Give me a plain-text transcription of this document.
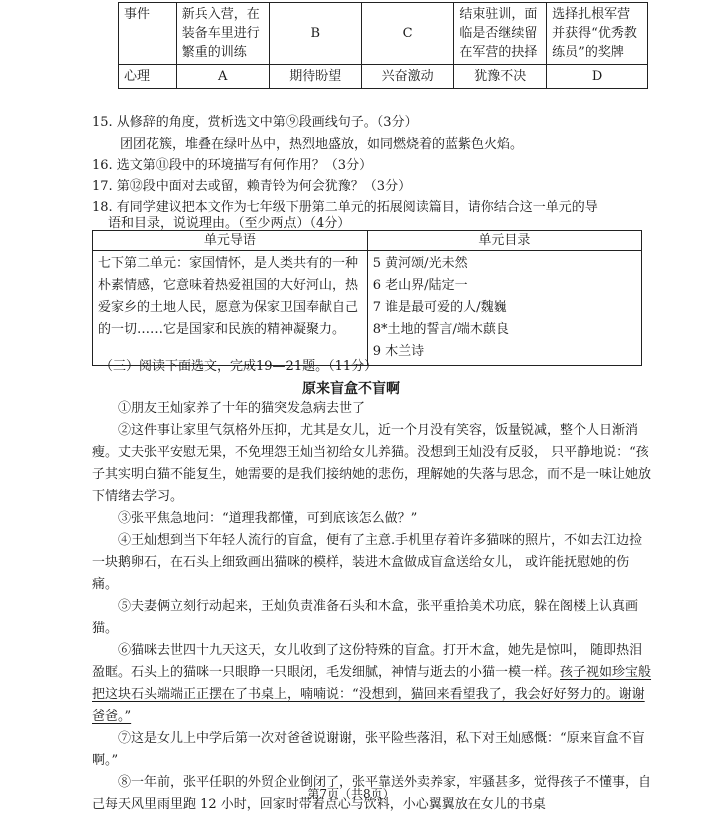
事件	新兵入营，在装备车里进行繁重的训练	B	C	结束驻训，面临是否继续留在军营的抉择	选择扎根军营并获得“优秀教练员”的奖牌
心理	A	期待盼望	兴奋激动	犹豫不决	D
15. 从修辞的角度，赏析选文中第⑨段画线句子。（3分）
团团花簇，堆叠在绿叶丛中，热烈地盛放，如同燃烧着的蓝紫色火焰。
16. 选文第⑪段中的环境描写有何作用？（3分）
17. 第⑫段中面对去或留，赖青铃为何会犹豫？（3分）
18. 有同学建议把本文作为七年级下册第二单元的拓展阅读篇目，请你结合这一单元的导
语和目录，说说理由。（至少两点）（4分）
单元导语	单元目录
七下第二单元：家国情怀，是人类共有的一种朴素情感，它意味着热爱祖国的大好河山，热爱家乡的土地人民，愿意为保家卫国奉献自己的一切……它是国家和民族的精神凝聚力。	5 黄河颂/光未然
6 老山界/陆定一
7 谁是最可爱的人/魏巍
8*土地的誓言/端木蕻良
9 木兰诗
（三）阅读下面选文，完成19—21题。（11分）
原来盲盒不盲啊
①朋友王灿家养了十年的猫突发急病去世了
②这件事让家里气氛格外压抑，尤其是女儿，近一个月没有笑容，饭量锐减，整个人日渐消瘦。丈夫张平安慰无果，不免埋怨王灿当初给女儿养猫。没想到王灿没有反驳， 只平静地说：“孩子其实明白猫不能复生，她需要的是我们接纳她的悲伤，理解她的失落与思念，而不是一味让她放下情绪去学习。
③张平焦急地问：“道理我都懂，可到底该怎么做？”
④王灿想到当下年轻人流行的盲盒，便有了主意.手机里存着许多猫咪的照片，不如去江边捡一块鹅卵石，在石头上细致画出猫咪的模样，装进木盒做成盲盒送给女儿， 或许能抚慰她的伤痛。
⑤夫妻俩立刻行动起来，王灿负责准备石头和木盒，张平重拾美术功底，躲在阁楼上认真画猫。
⑥猫咪去世四十九天这天，女儿收到了这份特殊的盲盒。打开木盒，她先是惊叫， 随即热泪盈眶。石头上的猫咪一只眼睁一只眼闭，毛发细腻，神情与逝去的小猫一模一样。孩子视如珍宝般把这块石头端端正正摆在了书桌上，喃喃说：“没想到，猫回来看望我了，我会好好努力的。谢谢爸爸。”
⑦这是女儿上中学后第一次对爸爸说谢谢，张平险些落泪，私下对王灿感慨：“原来盲盒不盲啊。”
⑧一年前，张平任职的外贸企业倒闭了，张平靠送外卖养家，牢骚甚多，觉得孩子不懂事，自己每天风里雨里跑 12 小时，回家时带着点心与饮料，小心翼翼放在女儿的书桌
第7页（共8页）
